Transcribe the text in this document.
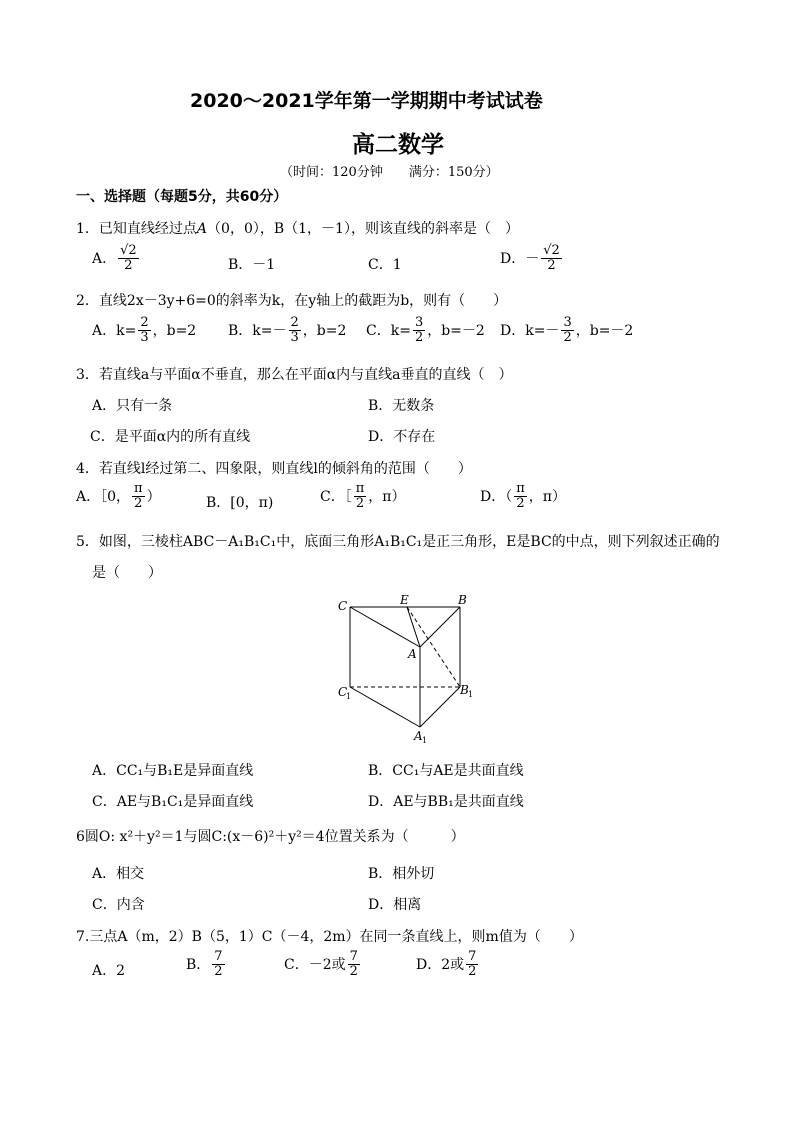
2020～2021学年第一学期期中考试试卷
高二数学
（时间：120分钟　　满分：150分）
一、选择题（每题5分，共60分）
1．已知直线经过点A（0，0），B（1，－1），则该直线的斜率是（　）
A． $\frac{√2}{2}$	B．－1	C．1	D．－ $\frac{√2}{2}$
2．直线2x－3y+6=0的斜率为k，在y轴上的截距为b，则有（　　）
A．$k= \frac{2}{3}$ ，b=2 B．$k=- \frac{2}{3}$ ，b=2 C．$k= \frac{3}{2}$ ，b=－2 D．$k=- \frac{3}{2}$ ，b=－2
3．若直线a与平面α不垂直，那么在平面α内与直线a垂直的直线（　）
A．只有一条	B．无数条
C．是平面α内的所有直线	D．不存在
4．若直线l经过第二、四象限，则直线l的倾斜角的范围（　　）
A．［0， $\frac{\pi}{2}$ ）	B．[0，π)	C．［ $\frac{\pi}{2}$ ，π）	D．（ $\frac{\pi}{2}$ ，π）
5．如图，三棱柱ABC－A₁B₁C₁中，底面三角形A₁B₁C₁是正三角形，E是BC的中点，则下列叙述正确的
是（　　）
C	E	B
A
C
1	B 1
A 1
A．CC₁与B₁E是异面直线	B．CC₁与AE是共面直线
C．AE与B₁C₁是异面直线	D．AE与BB₁是共面直线
6圆O: x²＋y²＝1与圆C:(x－6)²＋y²＝4位置关系为（　　　）
A．相交	B．相外切
C．内含	D．相离
7.三点A（m，2）B（5，1）C（－4，2m）在同一条直线上，则m值为（　　）
A．2	B． $\frac{7}{2}$	C．－2或 $\frac{7}{2}$	D．2或 $\frac{7}{2}$
